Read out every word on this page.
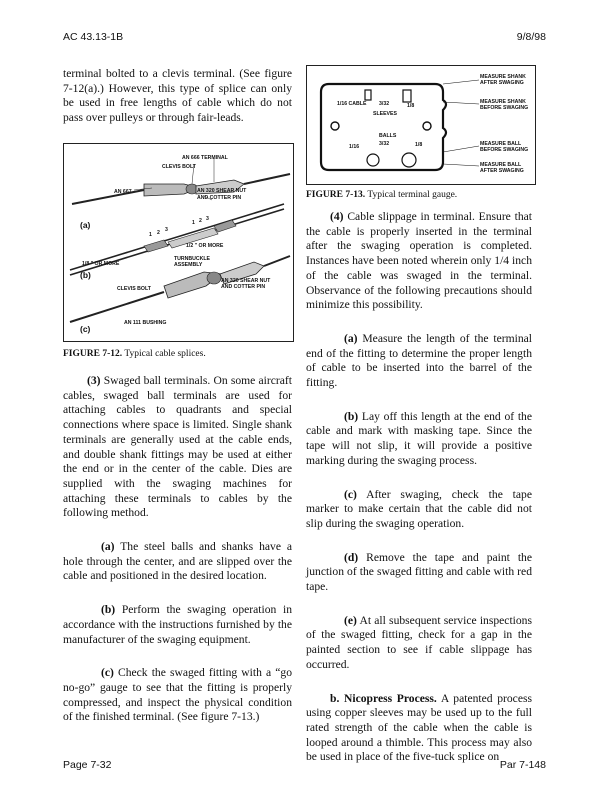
AC 43.13-1B	9/8/98

terminal bolted to a clevis terminal. (See figure 7-12(a).) However, this type of splice can only be used in free lengths of cable which do not pass over pulleys or through fair-leads.

AN 666 TERMINAL
CLEVIS BOLT
AN 667	AN 320 SHEAR NUT
AND COTTER PIN
(a)
1 2 3
1 2 3
1/2 " OR MORE
1/8 " OR MORE
TURNBUCKLE
ASSEMBLY
(b)
CLEVIS BOLT
AN 320 SHEAR NUT
AND COTTER PIN
AN 111 BUSHING
(c)
FIGURE 7-12. Typical cable splices.

(3) Swaged ball terminals. On some aircraft cables, swaged ball terminals are used for attaching cables to quadrants and special connections where space is limited. Single shank terminals are generally used at the cable ends, and double shank fittings may be used at either the end or in the center of the cable. Dies are supplied with the swaging machines for attaching these terminals to cables by the following method.

(a) The steel balls and shanks have a hole through the center, and are slipped over the cable and positioned in the desired location.

(b) Perform the swaging operation in accordance with the instructions furnished by the manufacturer of the swaging equipment.

(c) Check the swaged fitting with a “go no-go” gauge to see that the fitting is properly compressed, and inspect the physical condition of the finished terminal. (See figure 7-13.)

1/16 CABLE 3/32	1/8
SLEEVES
BALLS
1/16	3/32	1/8
MEASURE SHANK
AFTER SWAGING
MEASURE SHANK
BEFORE SWAGING
MEASURE BALL
BEFORE SWAGING
MEASURE BALL
AFTER SWAGING
FIGURE 7-13. Typical terminal gauge.

(4) Cable slippage in terminal. Ensure that the cable is properly inserted in the terminal after the swaging operation is completed. Instances have been noted wherein only 1/4 inch of the cable was swaged in the terminal. Observance of the following precautions should minimize this possibility.

(a) Measure the length of the terminal end of the fitting to determine the proper length of cable to be inserted into the barrel of the fitting.

(b) Lay off this length at the end of the cable and mark with masking tape. Since the tape will not slip, it will provide a positive marking during the swaging process.

(c) After swaging, check the tape marker to make certain that the cable did not slip during the swaging operation.

(d) Remove the tape and paint the junction of the swaged fitting and cable with red tape.

(e) At all subsequent service inspections of the swaged fitting, check for a gap in the painted section to see if cable slippage has occurred.

b. Nicopress Process. A patented process using copper sleeves may be used up to the full rated strength of the cable when the cable is looped around a thimble. This process may also be used in place of the five-tuck splice on

Page 7-32	Par 7-148
